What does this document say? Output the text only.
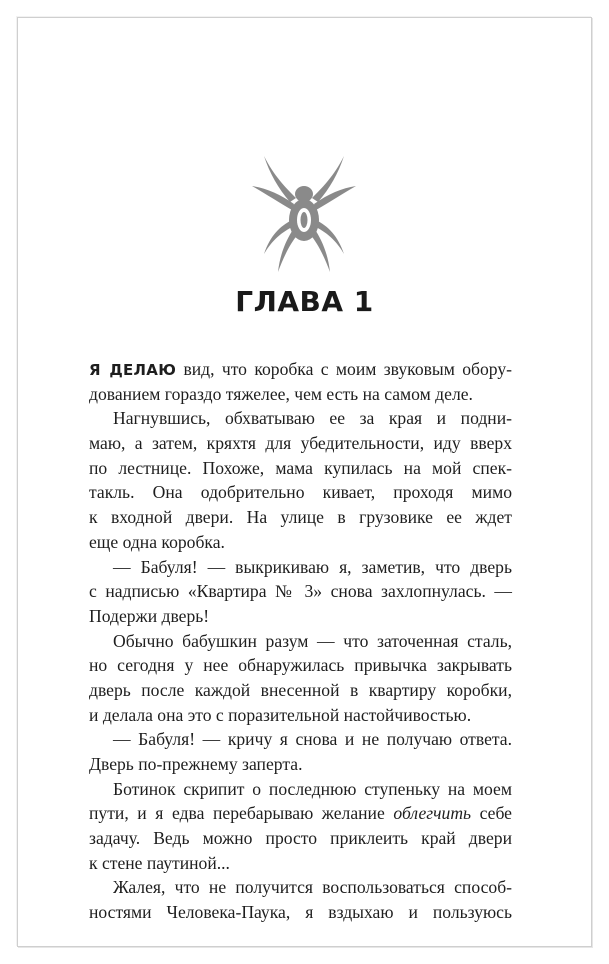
ГЛАВА 1
Я ДЕЛАЮ вид, что коробка с моим звуковым обору-
дованием гораздо тяжелее, чем есть на самом деле.
Нагнувшись, обхватываю ее за края и подни-
маю, а затем, кряхтя для убедительности, иду вверх
по лестнице. Похоже, мама купилась на мой спек-
такль. Она одобрительно кивает, проходя мимо
к входной двери. На улице в грузовике ее ждет
еще одна коробка.
— Бабуля! — выкрикиваю я, заметив, что дверь
с надписью «Квартира № 3» снова захлопнулась. —
Подержи дверь!
Обычно бабушкин разум — что заточенная сталь,
но сегодня у нее обнаружилась привычка закрывать
дверь после каждой внесенной в квартиру коробки,
и делала она это с поразительной настойчивостью.
— Бабуля! — кричу я снова и не получаю ответа.
Дверь по-прежнему заперта.
Ботинок скрипит о последнюю ступеньку на моем
пути, и я едва перебарываю желание облегчить себе
задачу. Ведь можно просто приклеить край двери
к стене паутиной...
Жалея, что не получится воспользоваться способ-
ностями Человека-Паука, я вздыхаю и пользуюсь
